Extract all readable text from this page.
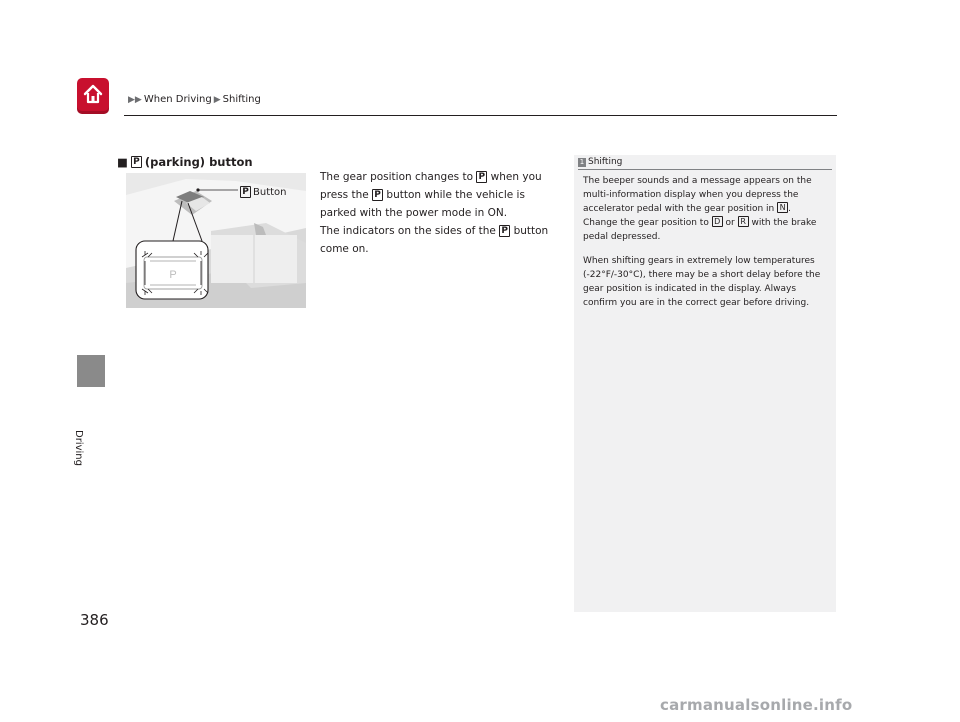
▶▶ When Driving ▶ Shifting
Driving
386
■ P (parking) button
P
P Button

The gear position changes to P when you

press the P button while the vehicle is

parked with the power mode in ON.

The indicators on the sides of the P button

come on.

1 Shifting

The beeper sounds and a message appears on the multi-information display when you depress the accelerator pedal with the gear position in N . Change the gear position to D or R with the brake pedal depressed.

When shifting gears in extremely low temperatures (-22°F/-30°C), there may be a short delay before the gear position is indicated in the display. Always confirm you are in the correct gear before driving.

carmanualsonline.info
